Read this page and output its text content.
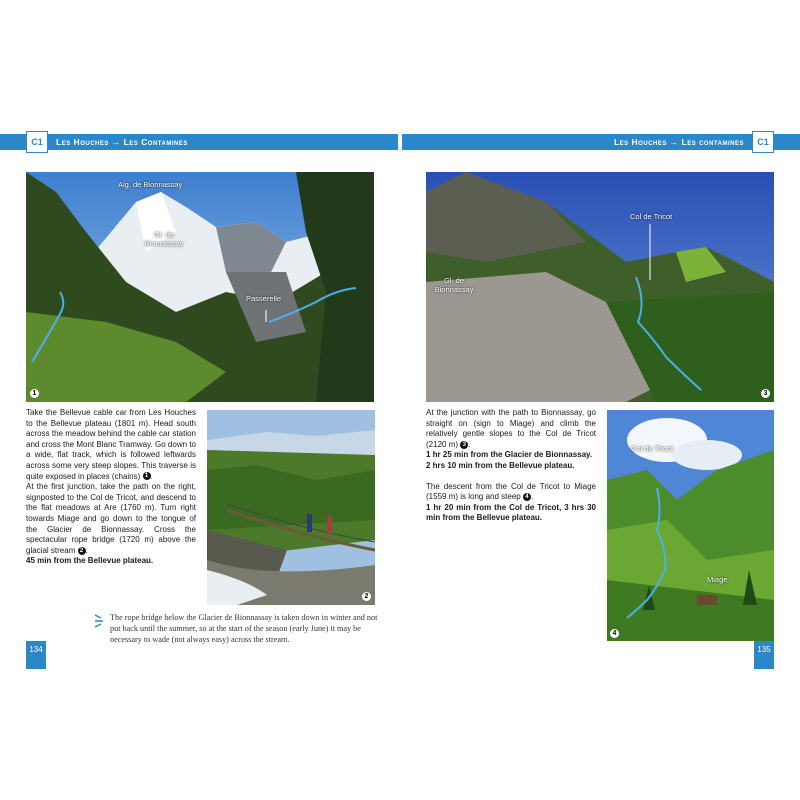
C1	Les Houches → Les Contamines	Les Houches → Les contamines	C1
Aig. de Bionnassay
Gl. de Bionnassay
Passerelle
1
2
Col de Tricot
Gl. de Bionnassay
3
Col de Tricot
Miage
4

Take the Bellevue cable car from Les Houches to the Bellevue plateau (1801 m). Head south across the meadow behind the cable car station and cross the Mont Blanc Tramway. Go down to a wide, flat track, which is followed leftwards across some very steep slopes. This traverse is quite exposed in places (chains) 1 .
At the first junction, take the path on the right, signposted to the Col de Tricot, and descend to the flat meadows at Are (1760 m). Turn right towards Miage and go down to the tongue of the Glacier de Bionnassay. Cross the spectacular rope bridge (1720 m) above the glacial stream 2 .

45 min from the Bellevue plateau.

The rope bridge below the Glacier de Bionnassay is taken down in winter and not put back until the summer, so at the start of the season (early June) it may be necessary to wade (not always easy) across the stream.

At the junction with the path to Bionnassay, go straight on (sign to Miage) and climb the relatively gentle slopes to the Col de Tricot (2120 m) 3 .

1 hr 25 min from the Glacier de Bionnassay.

2 hrs 10 min from the Bellevue plateau.

The descent from the Col de Tricot to Miage (1559 m) is long and steep 4 .

1 hr 20 min from the Col de Tricot, 3 hrs 30 min from the Bellevue plateau.

134	135
